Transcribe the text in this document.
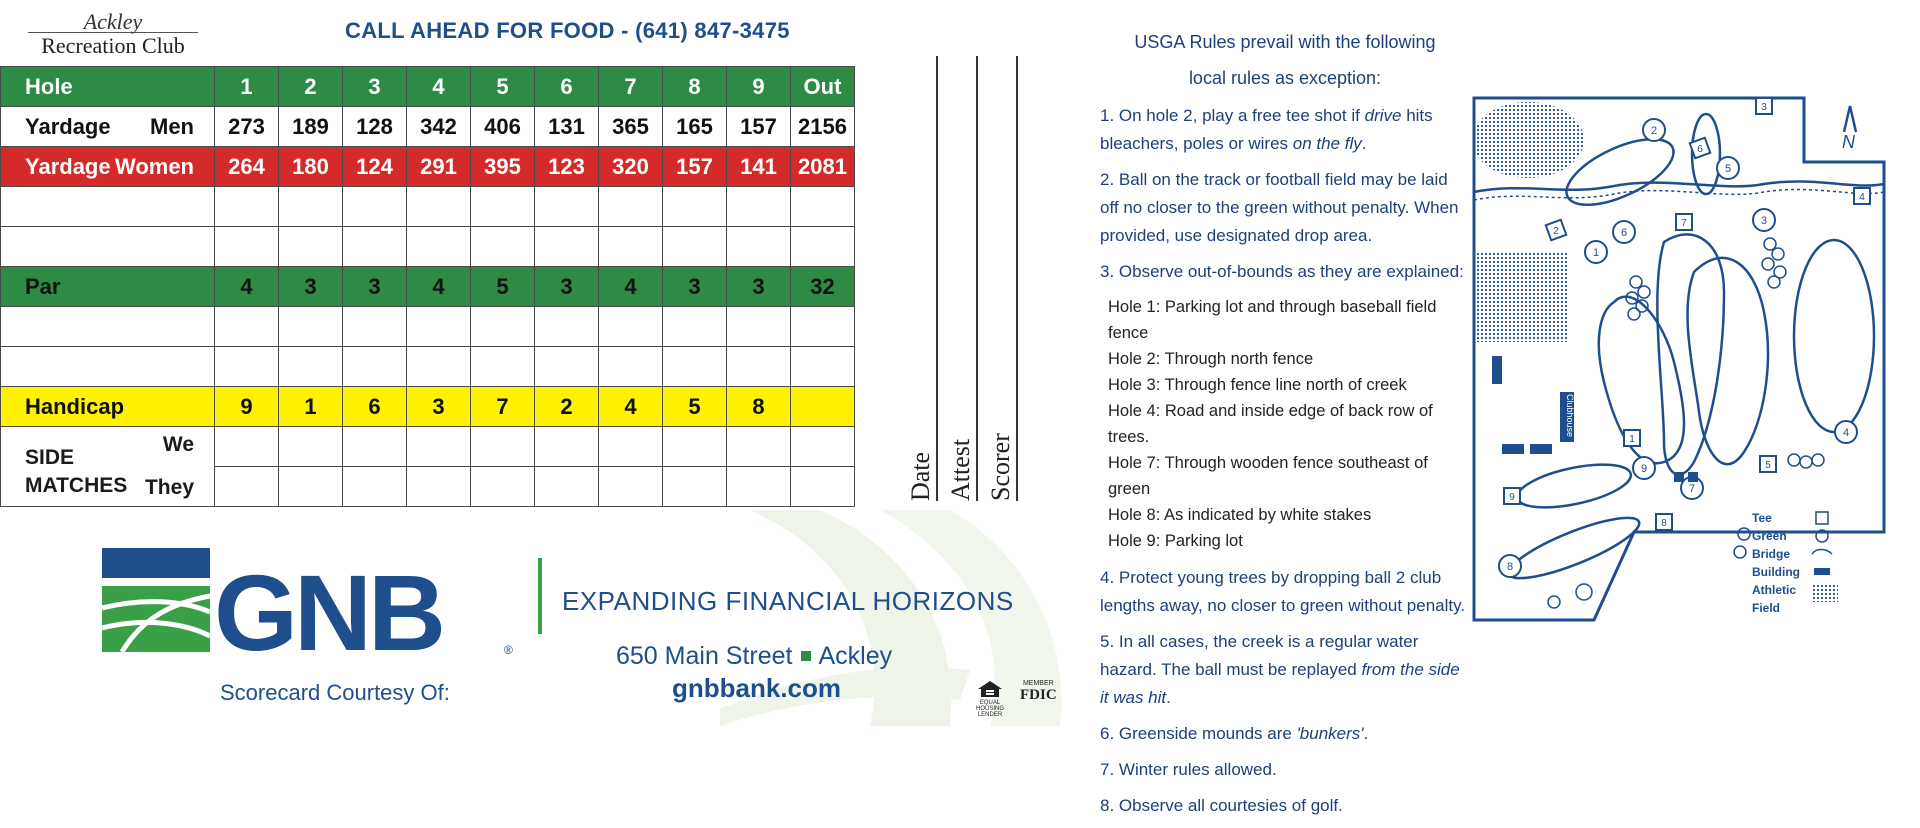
Ackley
Recreation Club
CALL AHEAD FOR FOOD - (641) 847-3475
Hole	1	2	3	4	5	6	7	8	9	Out

Yardage Men	273	189	128	342	406	131	365	165	157	2156

Yardage Women	264	180	124	291	395	123	320	157	141	2081

Par	4	3	3	4	5	3	4	3	3	32

Handicap	9	1	6	3	7	2	4	5	8	

SIDE
MATCHES
We
They										

										Date Attest Scorer
GNB	®
EXPANDING FINANCIAL HORIZONS
650 Main Street Ackley
gnbbank.com
Scorecard Courtesy Of:	EQUAL HOUSING LENDER
MEMBER
FDIC
USGA Rules prevail with the following
local rules as exception:

1. On hole 2, play a free tee shot if drive hits bleachers, poles or wires on the fly.

2. Ball on the track or football field may be laid off no closer to the green without penalty. When provided, use designated drop area.

3. Observe out-of-bounds as they are explained:

Hole 1: Parking lot and through baseball field fence
Hole 2: Through north fence
Hole 3: Through fence line north of creek
Hole 4: Road and inside edge of back row of trees.
Hole 7: Through wooden fence southeast of green
Hole 8: As indicated by white stakes
Hole 9: Parking lot

4. Protect young trees by dropping ball 2 club lengths away, no closer to green without penalty.

5. In all cases, the creek is a regular water hazard. The ball must be replayed from the side it was hit.

6. Greenside mounds are 'bunkers'.

7. Winter rules allowed.

8. Observe all courtesies of golf.

1
2
3
4
5
6
7
8
9
1
2
3
4
5
6
7
8
9
Clubhouse
N
Tee
Green
Bridge
Building
Athletic
Field
